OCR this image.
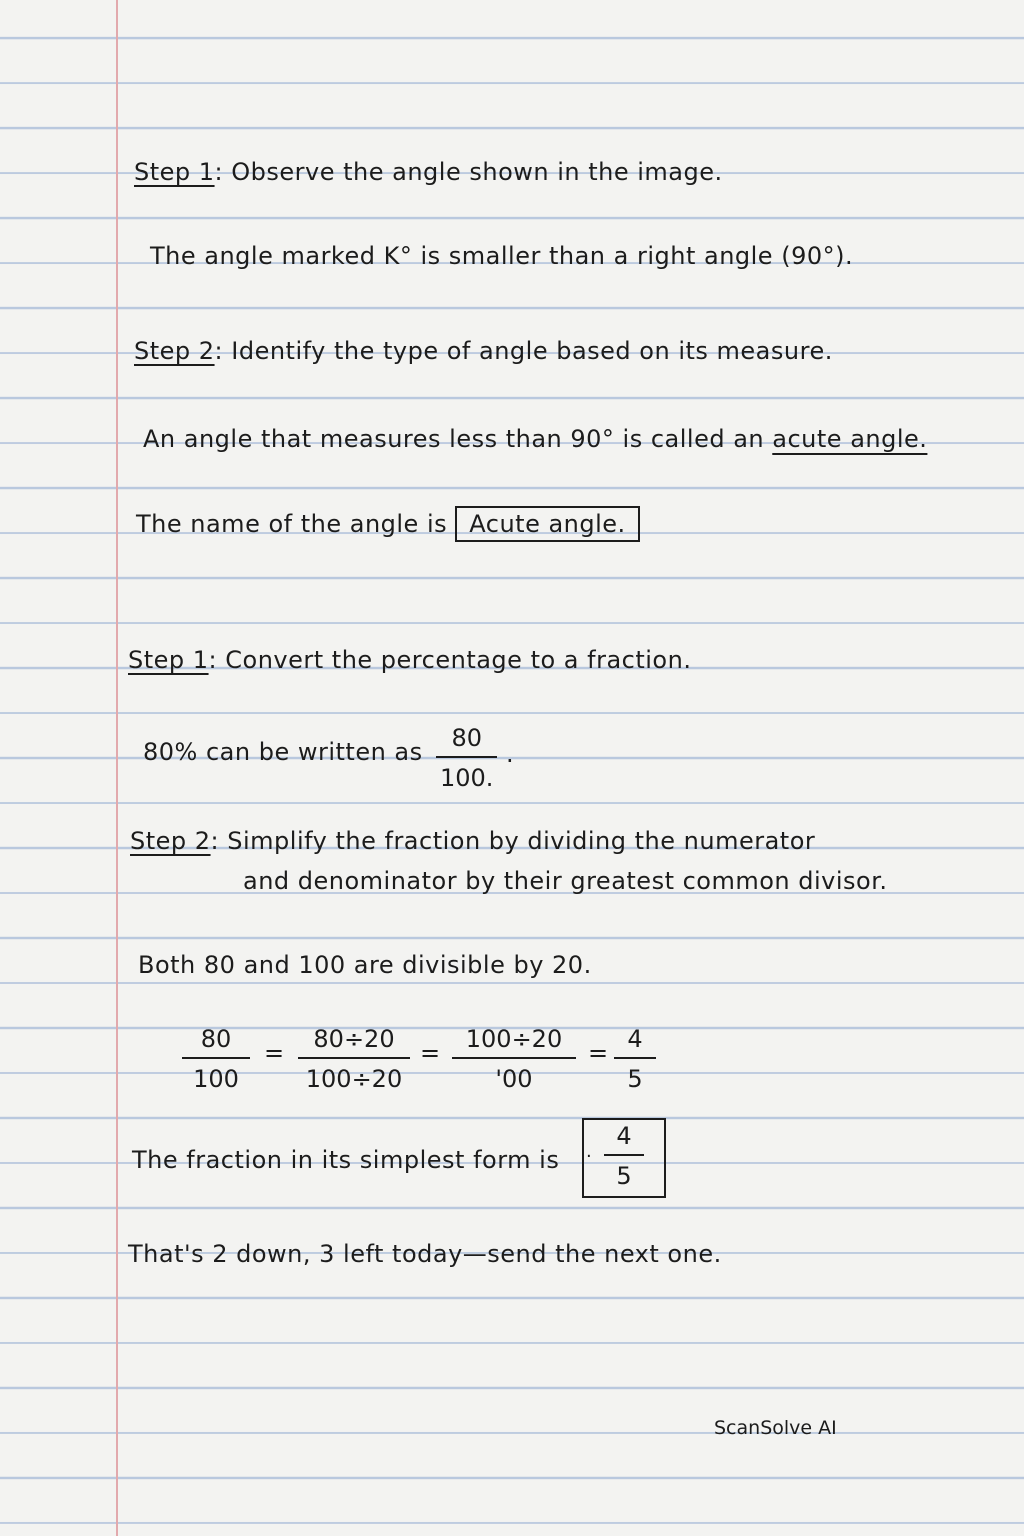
Step 1: Observe the angle shown in the image.
The angle marked K° is smaller than a right angle (90°).
Step 2: Identify the type of angle based on its measure.
An angle that measures less than 90° is called an acute angle.
The name of the angle is Acute angle.
Step 1: Convert the percentage to a fraction.
80% can be written as 80
100.
.
Step 2: Simplify the fraction by dividing the numerator
and denominator by their greatest common divisor.
Both 80 and 100 are divisible by 20.
80
100
= 80÷20
100÷20
= 100÷20
'00
= 4
5
The fraction in its simplest form is ·
4
5
That's 2 down, 3 left today—send the next one.
ScanSolve AI
